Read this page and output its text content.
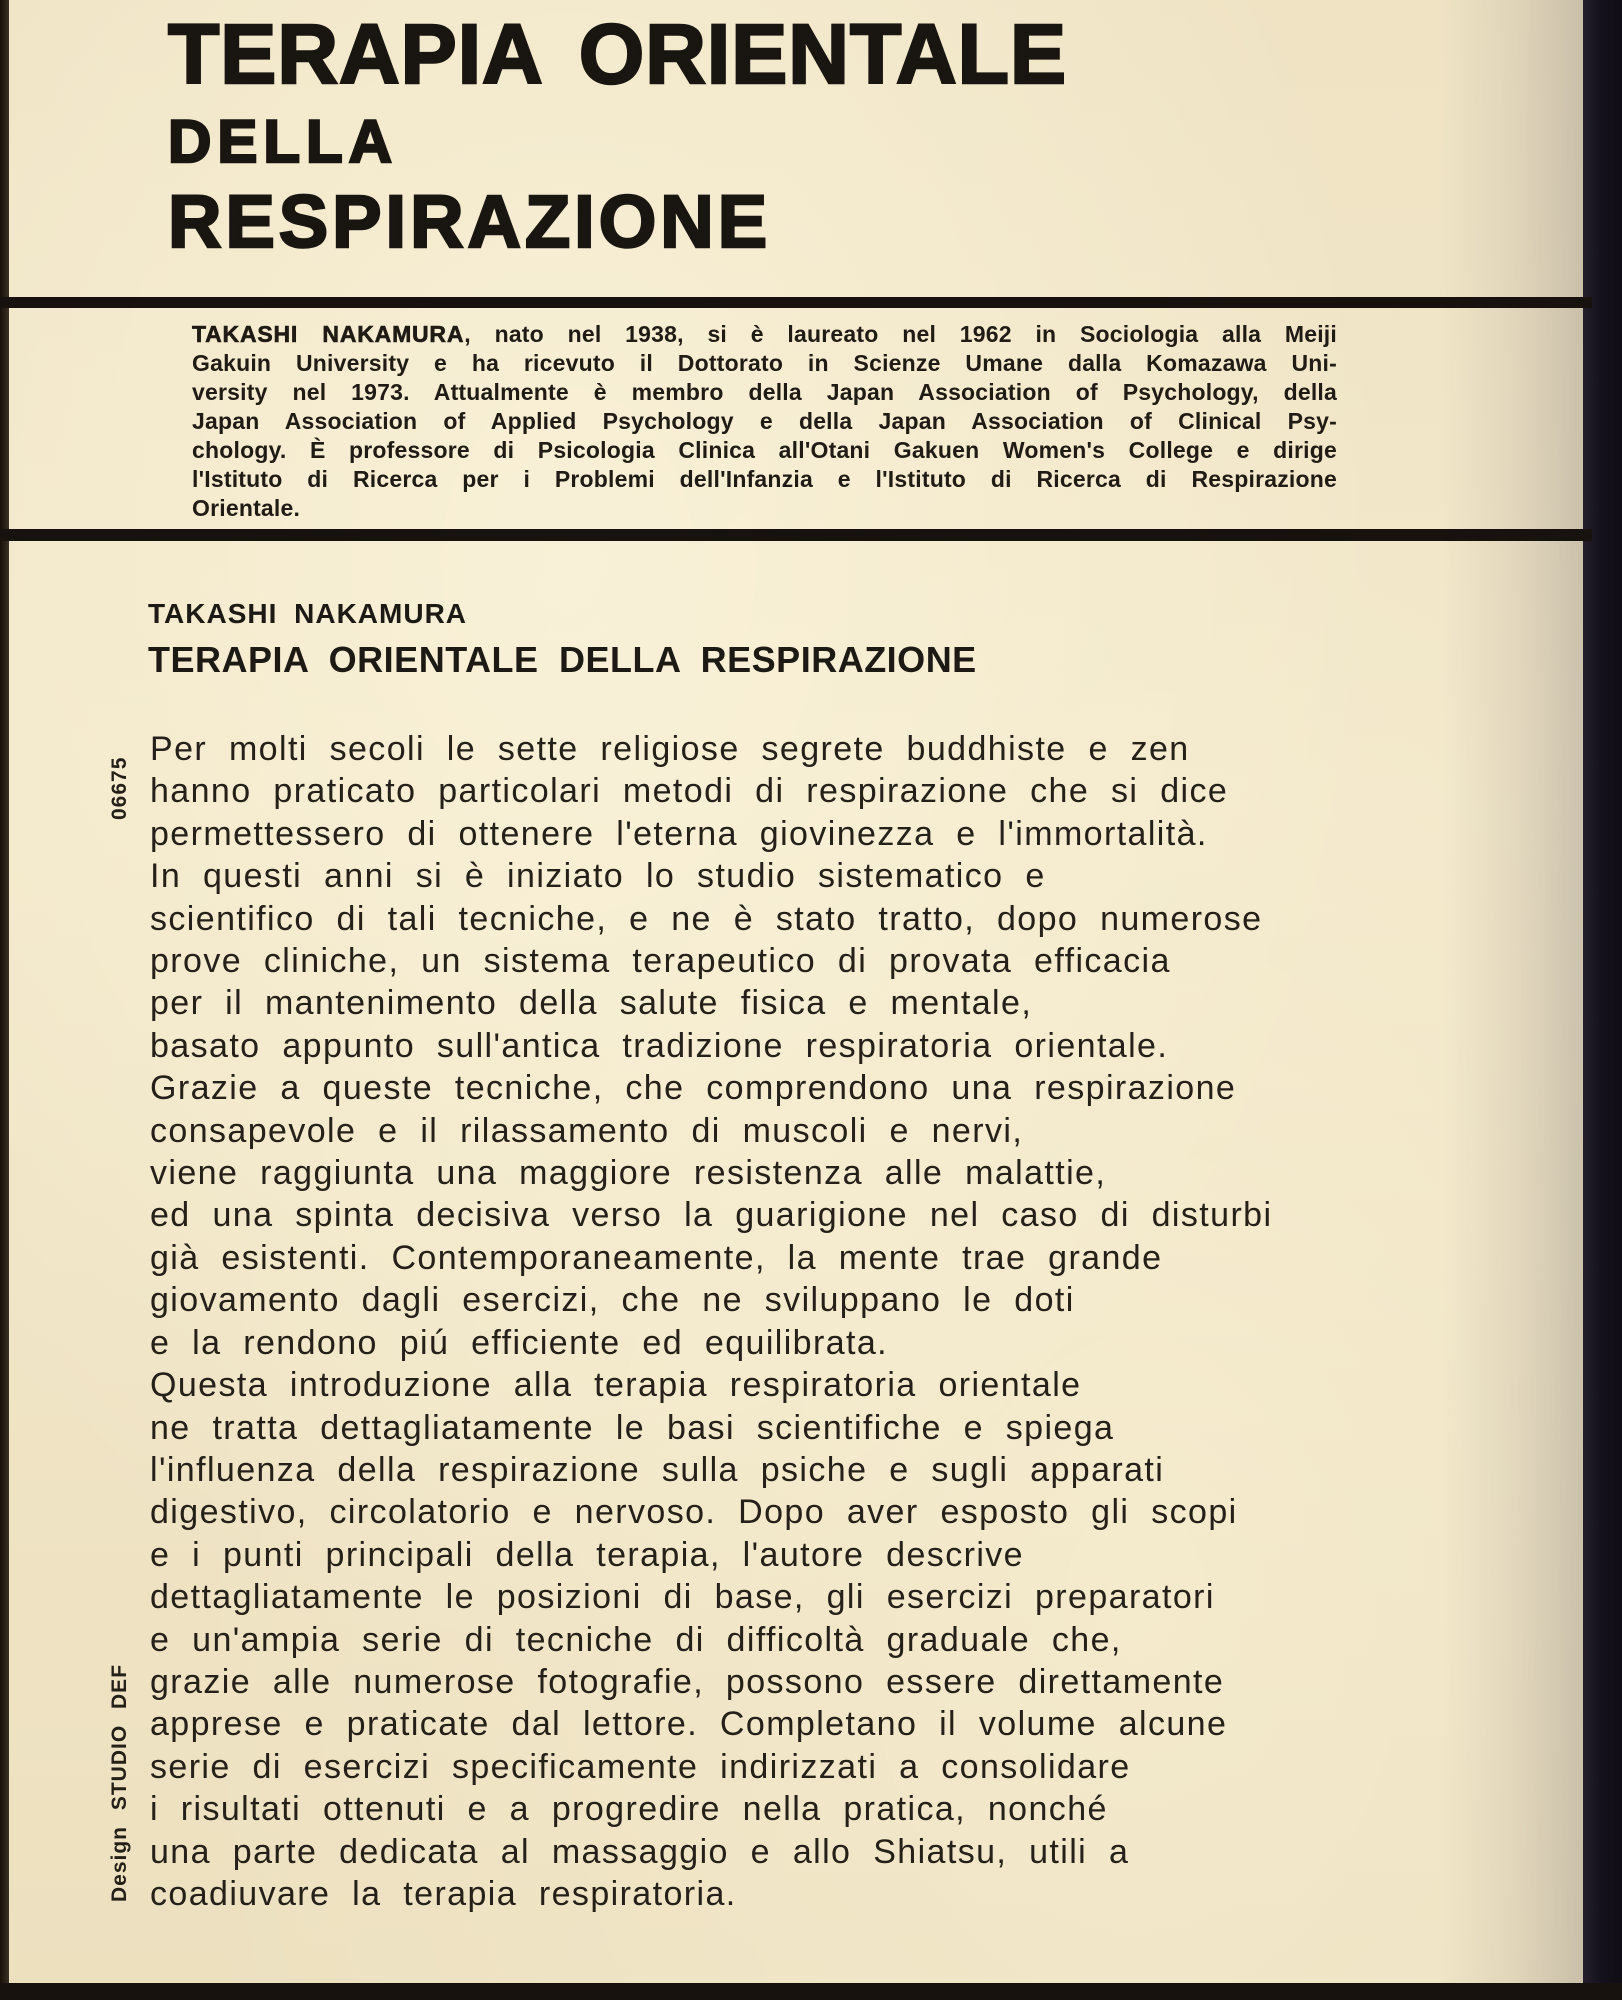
TERAPIA ORIENTALE
DELLA
RESPIRAZIONE
TAKASHI NAKAMURA, nato nel 1938, si è laureato nel 1962 in Sociologia alla Meiji
Gakuin University e ha ricevuto il Dottorato in Scienze Umane dalla Komazawa Uni-
versity nel 1973. Attualmente è membro della Japan Association of Psychology, della
Japan Association of Applied Psychology e della Japan Association of Clinical Psy-
chology. È professore di Psicologia Clinica all'Otani Gakuen Women's College e dirige
l'Istituto di Ricerca per i Problemi dell'Infanzia e l'Istituto di Ricerca di Respirazione
Orientale.
TAKASHI NAKAMURA
TERAPIA ORIENTALE DELLA RESPIRAZIONE
Per molti secoli le sette religiose segrete buddhiste e zen
hanno praticato particolari metodi di respirazione che si dice
permettessero di ottenere l'eterna giovinezza e l'immortalità.
In questi anni si è iniziato lo studio sistematico e
scientifico di tali tecniche, e ne è stato tratto, dopo numerose
prove cliniche, un sistema terapeutico di provata efficacia
per il mantenimento della salute fisica e mentale,
basato appunto sull'antica tradizione respiratoria orientale.
Grazie a queste tecniche, che comprendono una respirazione
consapevole e il rilassamento di muscoli e nervi,
viene raggiunta una maggiore resistenza alle malattie,
ed una spinta decisiva verso la guarigione nel caso di disturbi
già esistenti. Contemporaneamente, la mente trae grande
giovamento dagli esercizi, che ne sviluppano le doti
e la rendono piú efficiente ed equilibrata.
Questa introduzione alla terapia respiratoria orientale
ne tratta dettagliatamente le basi scientifiche e spiega
l'influenza della respirazione sulla psiche e sugli apparati
digestivo, circolatorio e nervoso. Dopo aver esposto gli scopi
e i punti principali della terapia, l'autore descrive
dettagliatamente le posizioni di base, gli esercizi preparatori
e un'ampia serie di tecniche di difficoltà graduale che,
grazie alle numerose fotografie, possono essere direttamente
apprese e praticate dal lettore. Completano il volume alcune
serie di esercizi specificamente indirizzati a consolidare
i risultati ottenuti e a progredire nella pratica, nonché
una parte dedicata al massaggio e allo Shiatsu, utili a
coadiuvare la terapia respiratoria.
06675
Design STUDIO DEF
